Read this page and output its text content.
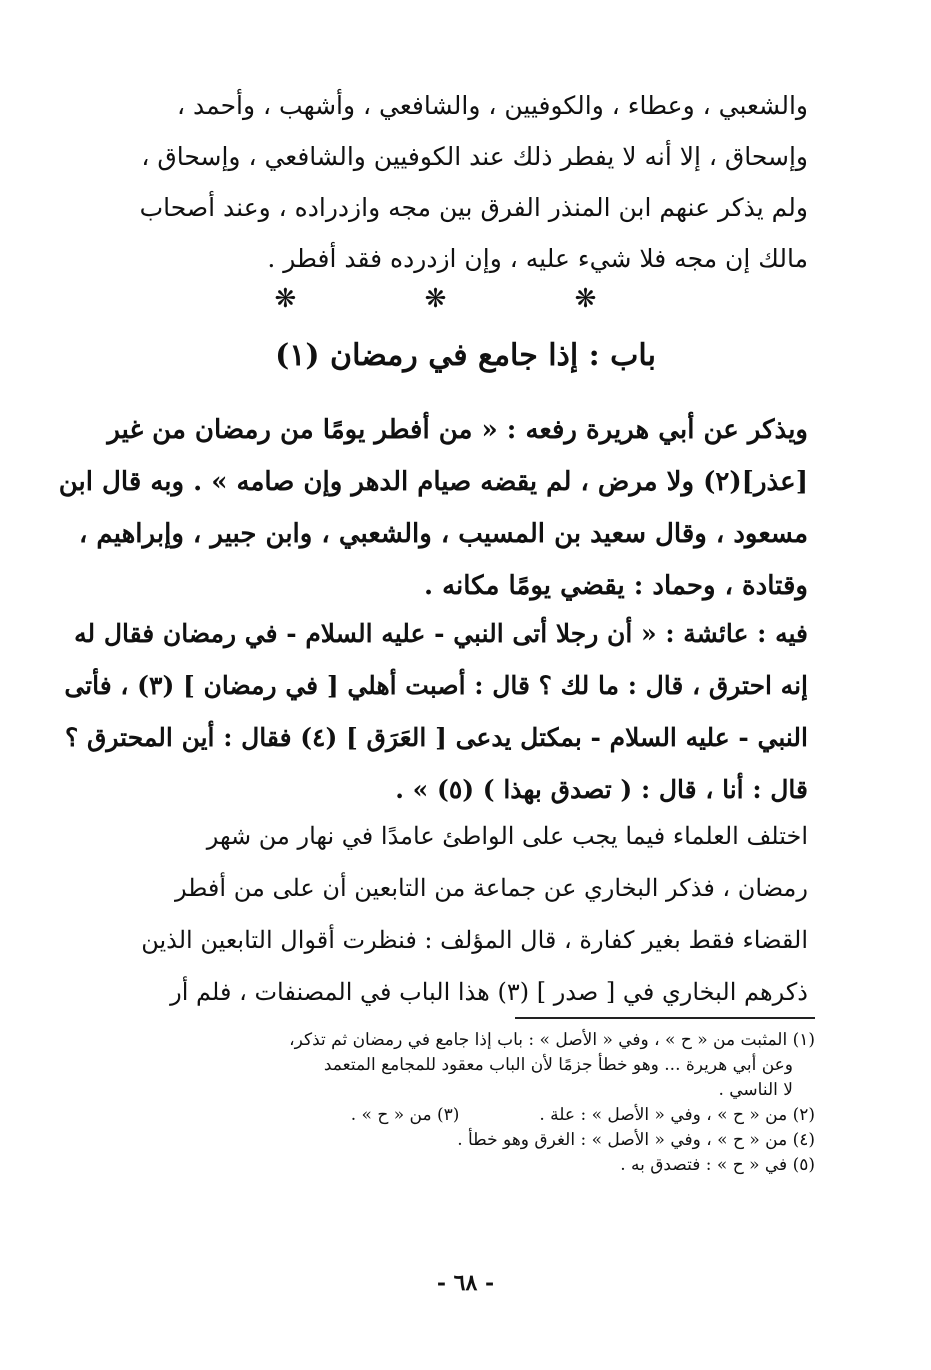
والشعبي ، وعطاء ، والكوفيين ، والشافعي ، وأشهب ، وأحمد ،
وإسحاق ، إلا أنه لا يفطر ذلك عند الكوفيين والشافعي ، وإسحاق ،
ولم يذكر عنهم ابن المنذر الفرق بين مجه وازدراده ، وعند أصحاب
مالك إن مجه فلا شيء عليه ، وإن ازدرده فقد أفطر .
❋ ❋ ❋
باب : إذا جامع في رمضان (١)
ويذكر عن أبي هريرة رفعه : « من أفطر يومًا من رمضان من غير
[عذر](٢) ولا مرض ، لم يقضه صيام الدهر وإن صامه » . وبه قال ابن
مسعود ، وقال سعيد بن المسيب ، والشعبي ، وابن جبير ، وإبراهيم ،
وقتادة ، وحماد : يقضي يومًا مكانه .
فيه : عائشة : « أن رجلا أتى النبي - عليه السلام - في رمضان فقال له
إنه احترق ، قال : ما لك ؟ قال : أصبت أهلي [ في رمضان ] (٣) ، فأتى
النبي - عليه السلام - بمكتل يدعى [ العَرَق ] (٤) فقال : أين المحترق ؟
قال : أنا ، قال : ( تصدق بهذا ) (٥) » .
اختلف العلماء فيما يجب على الواطئ عامدًا في نهار من شهر
رمضان ، فذكر البخاري عن جماعة من التابعين أن على من أفطر
القضاء فقط بغير كفارة ، قال المؤلف : فنظرت أقوال التابعين الذين
ذكرهم البخاري في [ صدر ] (٣) هذا الباب في المصنفات ، فلم أر
(١) المثبت من « ح » ، وفي « الأصل » : باب إذا جامع في رمضان ثم تذكر،
وعن أبي هريرة ... وهو خطأ جزمًا لأن الباب معقود للمجامع المتعمد
لا الناسي .
(٢) من « ح » ، وفي « الأصل » : علة .
(٣) من « ح » .
(٤) من « ح » ، وفي « الأصل » : الغرق وهو خطأ .
(٥) في « ح » : فتصدق به .
- ٦٨ -
